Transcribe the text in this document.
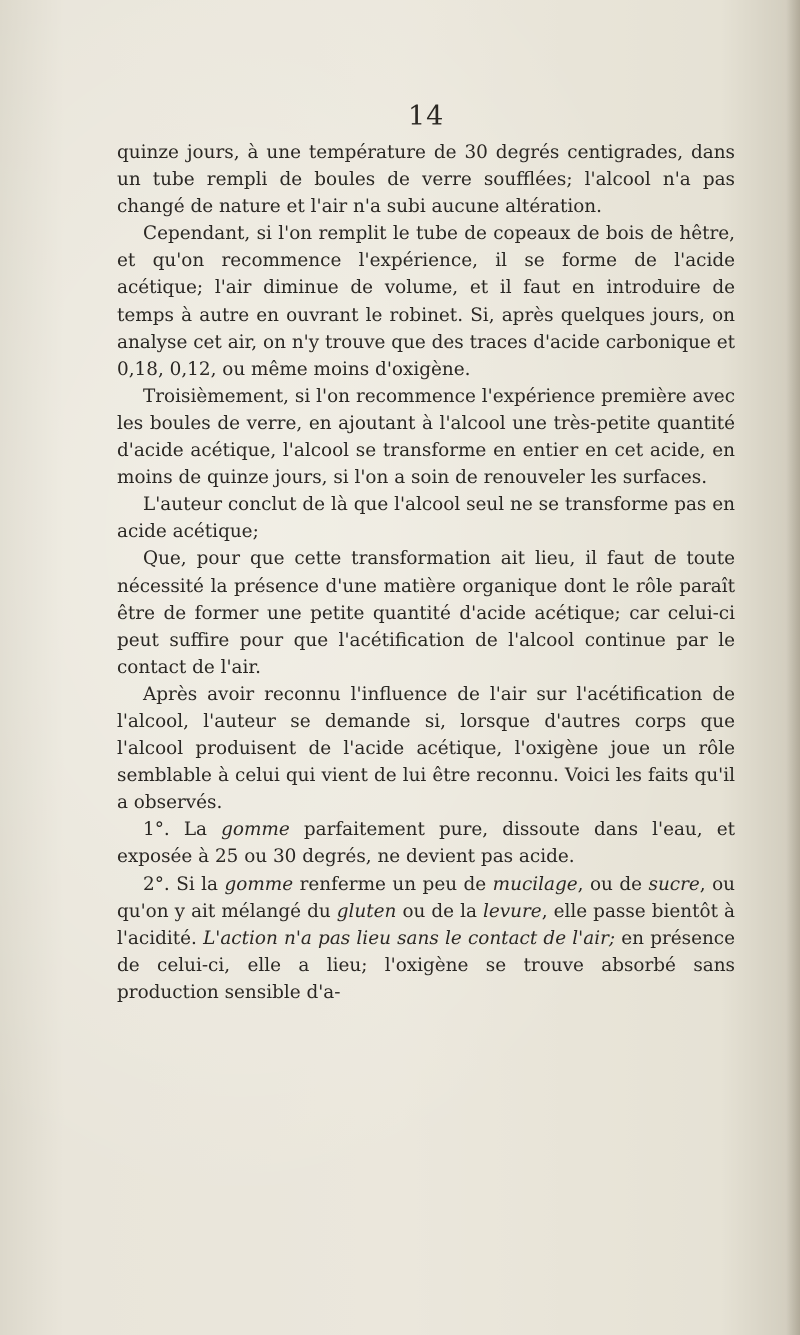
14

quinze jours, à une température de 30 degrés centigrades, dans un tube rempli de boules de verre soufflées; l'alcool n'a pas changé de nature et l'air n'a subi aucune altération.

Cependant, si l'on remplit le tube de copeaux de bois de hêtre, et qu'on recommence l'expérience, il se forme de l'acide acétique; l'air diminue de volume, et il faut en introduire de temps à autre en ouvrant le robinet. Si, après quelques jours, on analyse cet air, on n'y trouve que des traces d'acide carbonique et 0,18, 0,12, ou même moins d'oxigène.

Troisièmement, si l'on recommence l'expérience première avec les boules de verre, en ajoutant à l'alcool une très-petite quantité d'acide acétique, l'alcool se transforme en entier en cet acide, en moins de quinze jours, si l'on a soin de renouveler les surfaces.

L'auteur conclut de là que l'alcool seul ne se transforme pas en acide acétique;

Que, pour que cette transformation ait lieu, il faut de toute nécessité la présence d'une matière organique dont le rôle paraît être de former une petite quantité d'acide acétique; car celui-ci peut suffire pour que l'acétification de l'alcool continue par le contact de l'air.

Après avoir reconnu l'influence de l'air sur l'acétification de l'alcool, l'auteur se demande si, lorsque d'autres corps que l'alcool produisent de l'acide acétique, l'oxigène joue un rôle semblable à celui qui vient de lui être reconnu. Voici les faits qu'il a observés.

1°. La gomme parfaitement pure, dissoute dans l'eau, et exposée à 25 ou 30 degrés, ne devient pas acide.

2°. Si la gomme renferme un peu de mucilage, ou de sucre, ou qu'on y ait mélangé du gluten ou de la levure, elle passe bientôt à l'acidité. L'action n'a pas lieu sans le contact de l'air; en présence de celui-ci, elle a lieu; l'oxigène se trouve absorbé sans production sensible d'a-
